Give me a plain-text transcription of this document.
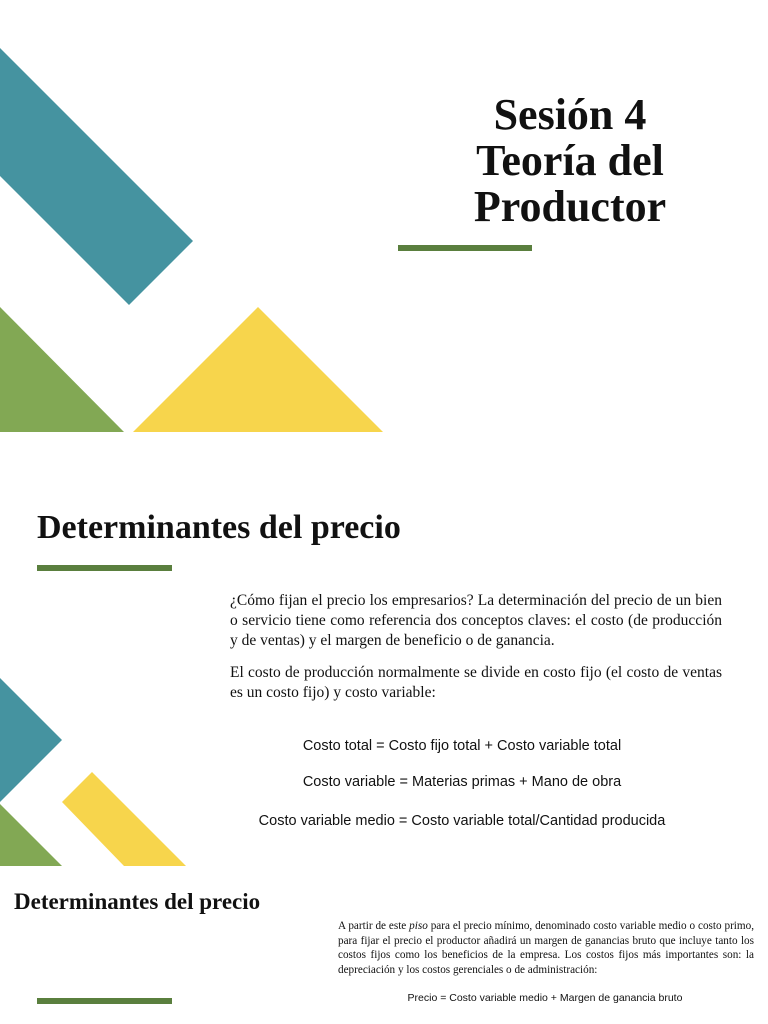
Sesión 4
Teoría del
Productor
Determinantes del precio

¿Cómo fijan el precio los empresarios? La determinación del precio de un bien o servicio tiene como referencia dos conceptos claves: el costo (de producción y de ventas) y el margen de beneficio o de ganancia.

El costo de producción normalmente se divide en costo fijo (el costo de ventas es un costo fijo) y costo variable:

Costo total = Costo fijo total + Costo variable total
Costo variable = Materias primas + Mano de obra
Costo variable medio = Costo variable total/Cantidad producida
Determinantes del precio
A partir de este piso para el precio mínimo, denominado costo variable medio o costo primo, para fijar el precio el productor añadirá un margen de ganancias bruto que incluye tanto los costos fijos como los beneficios de la empresa. Los costos fijos más importantes son: la depreciación y los costos gerenciales o de administración:
Precio = Costo variable medio + Margen de ganancia bruto
